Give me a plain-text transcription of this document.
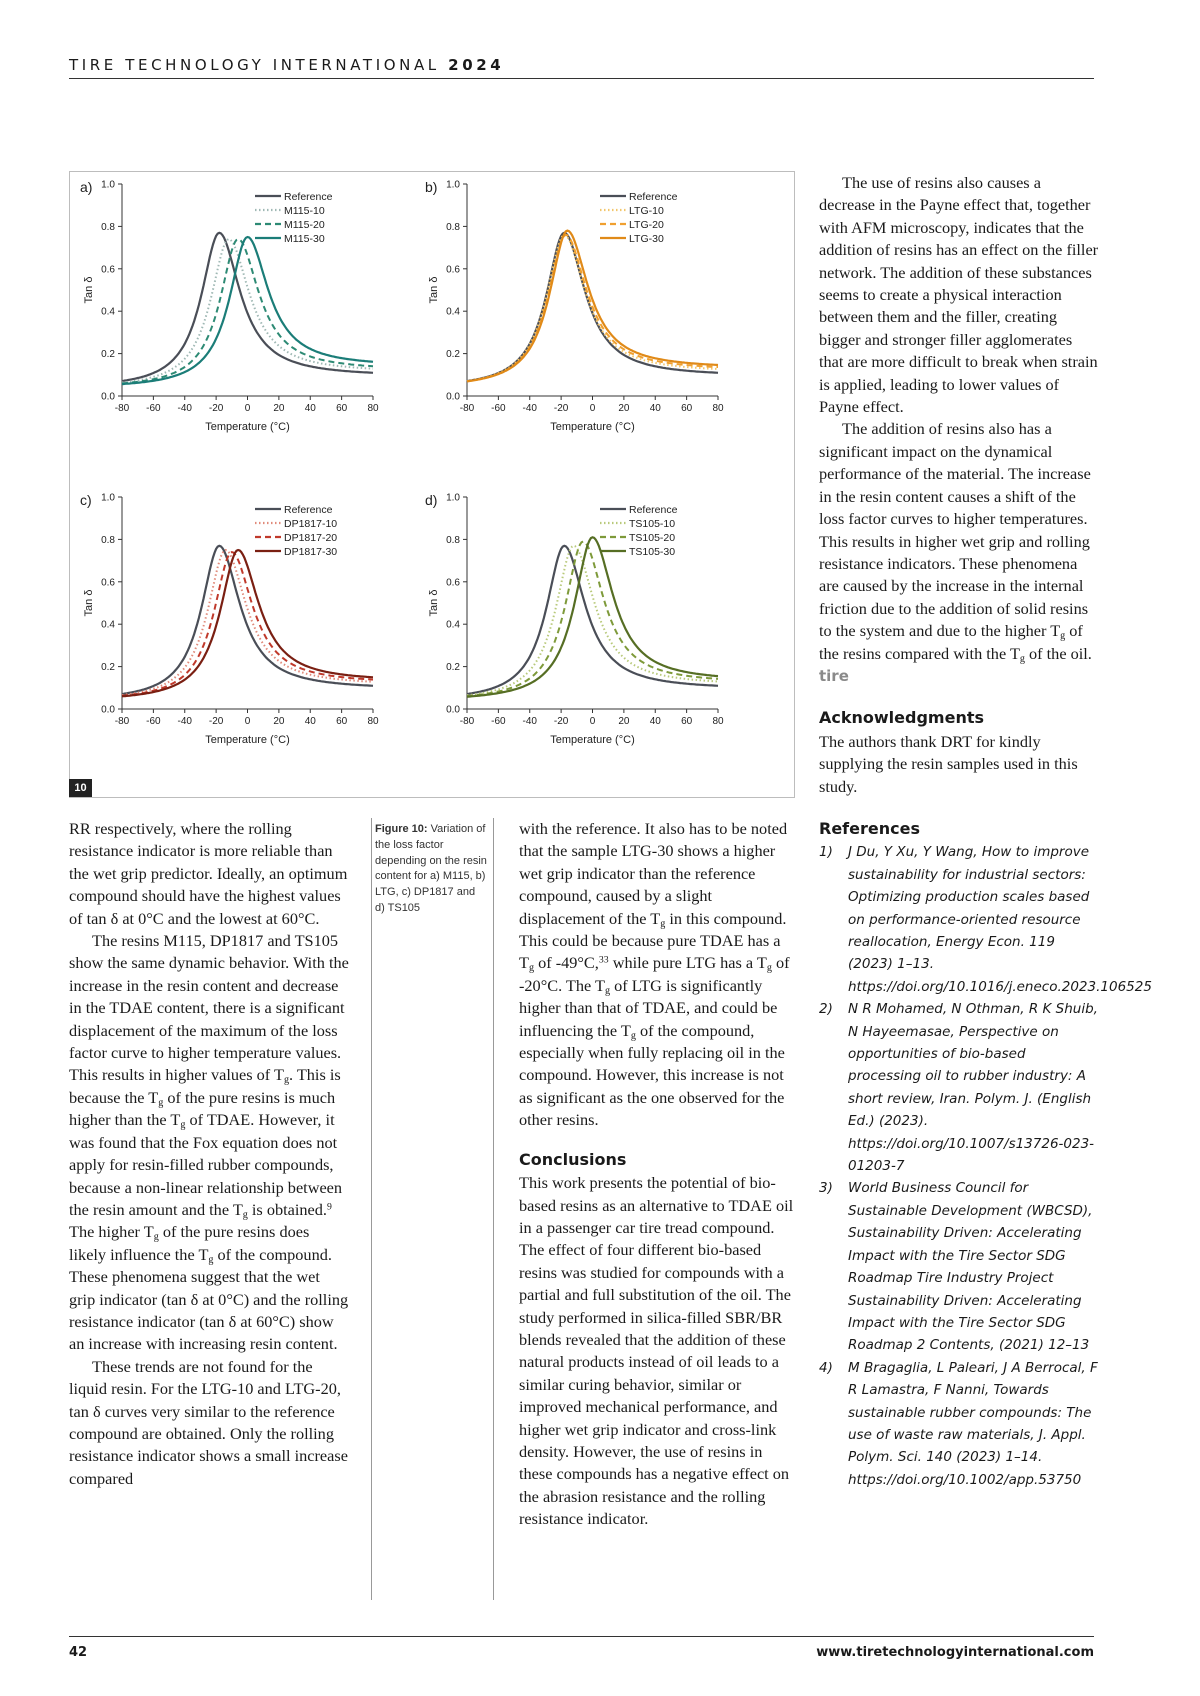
TIRE TECHNOLOGY INTERNATIONAL 2024
a)
-80 -60 -40 -20 0 20 40 60 80
0.0
0.2
0.4
0.6
0.8
1.0
Temperature (°C)
Tan δ
Reference
M115-10
M115-20
M115-30
b)
-80 -60 -40 -20 0 20 40 60 80
0.0
0.2
0.4
0.6
0.8
1.0
Temperature (°C)
Tan δ
Reference
LTG-10
LTG-20
LTG-30
c)
-80 -60 -40 -20 0 20 40 60 80
0.0
0.2
0.4
0.6
0.8
1.0
Temperature (°C)
Tan δ
Reference
DP1817-10
DP1817-20
DP1817-30
d)
-80 -60 -40 -20 0 20 40 60 80
0.0
0.2
0.4
0.6
0.8
1.0
Temperature (°C)
Tan δ
Reference
TS105-10
TS105-20
TS105-30
10

RR respectively, where the rolling resistance indicator is more reliable than the wet grip predictor. Ideally, an optimum compound should have the highest values of tan δ at 0°C and the lowest at 60°C.

The resins M115, DP1817 and TS105 show the same dynamic behavior. With the increase in the resin content and decrease in the TDAE content, there is a significant displacement of the maximum of the loss factor curve to higher temperature values. This results in higher values of $T_g$. This is because the $T_g$ of the pure resins is much higher than the $T_g$ of TDAE. However, it was found that the Fox equation does not apply for resin-filled rubber compounds, because a non-linear relationship between the resin amount and the $T_g$ is obtained.$^9$ The higher $T_g$ of the pure resins does likely influence the $T_g$ of the compound. These phenomena suggest that the wet grip indicator (tan δ at 0°C) and the rolling resistance indicator (tan δ at 60°C) show an increase with increasing resin content.

These trends are not found for the liquid resin. For the LTG-10 and LTG-20, tan δ curves very similar to the reference compound are obtained. Only the rolling resistance indicator shows a small increase compared

Figure 10: Variation of the loss factor depending on the resin content for a) M115, b) LTG, c) DP1817 and d) TS105

with the reference. It also has to be noted that the sample LTG-30 shows a higher wet grip indicator than the reference compound, caused by a slight displacement of the $T_g$ in this compound. This could be because pure TDAE has a $T_g$ of -49°C,$^{33}$ while pure LTG has a $T_g$ of -20°C. The $T_g$ of LTG is significantly higher than that of TDAE, and could be influencing the $T_g$ of the compound, especially when fully replacing oil in the compound. However, this increase is not as significant as the one observed for the other resins.

Conclusions

This work presents the potential of bio-based resins as an alternative to TDAE oil in a passenger car tire tread compound. The effect of four different bio-based resins was studied for compounds with a partial and full substitution of the oil. The study performed in silica-filled SBR/BR blends revealed that the addition of these natural products instead of oil leads to a similar curing behavior, similar or improved mechanical performance, and higher wet grip indicator and cross-link density. However, the use of resins in these compounds has a negative effect on the abrasion resistance and the rolling resistance indicator.

The use of resins also causes a decrease in the Payne effect that, together with AFM microscopy, indicates that the addition of resins has an effect on the filler network. The addition of these substances seems to create a physical interaction between them and the filler, creating bigger and stronger filler agglomerates that are more difficult to break when strain is applied, leading to lower values of Payne effect.

The addition of resins also has a significant impact on the dynamical performance of the material. The increase in the resin content causes a shift of the loss factor curves to higher temperatures. This results in higher wet grip and rolling resistance indicators. These phenomena are caused by the increase in the internal friction due to the addition of solid resins to the system and due to the higher $T_g$ of the resins compared with the $T_g$ of the oil. tire

Acknowledgments

The authors thank DRT for kindly supplying the resin samples used in this study.

References
1) J Du, Y Xu, Y Wang, How to improve sustainability for industrial sectors: Optimizing production scales based on performance-oriented resource reallocation, Energy Econ. 119 (2023) 1–13. https://doi.org/10.1016/j.eneco.2023.106525
2) N R Mohamed, N Othman, R K Shuib, N Hayeemasae, Perspective on opportunities of bio-based processing oil to rubber industry: A short review, Iran. Polym. J. (English Ed.) (2023). https://doi.org/10.1007/s13726-023-01203-7
3) World Business Council for Sustainable Development (WBCSD), Sustainability Driven: Accelerating Impact with the Tire Sector SDG Roadmap Tire Industry Project Sustainability Driven: Accelerating Impact with the Tire Sector SDG Roadmap 2 Contents, (2021) 12–13
4) M Bragaglia, L Paleari, J A Berrocal, F R Lamastra, F Nanni, Towards sustainable rubber compounds: The use of waste raw materials, J. Appl. Polym. Sci. 140 (2023) 1–14. https://doi.org/10.1002/app.53750
42	www.tiretechnologyinternational.com
